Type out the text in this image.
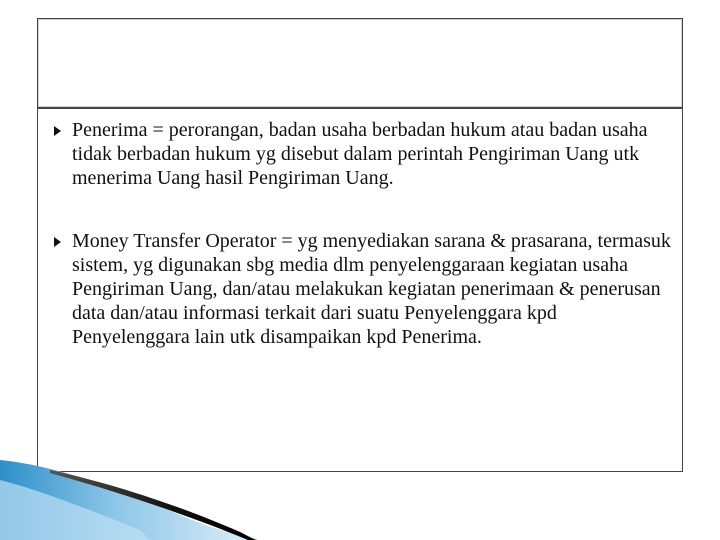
Penerima = perorangan, badan usaha berbadan hukum atau badan usaha tidak berbadan hukum yg disebut dalam perintah Pengiriman Uang utk menerima Uang hasil Pengiriman Uang.
Money Transfer Operator = yg menyediakan sarana & prasarana, termasuk sistem, yg digunakan sbg media dlm penyelenggaraan kegiatan usaha Pengiriman Uang, dan/atau melakukan kegiatan penerimaan & penerusan data dan/atau informasi terkait dari suatu Penyelenggara kpd Penyelenggara lain utk disampaikan kpd Penerima.
